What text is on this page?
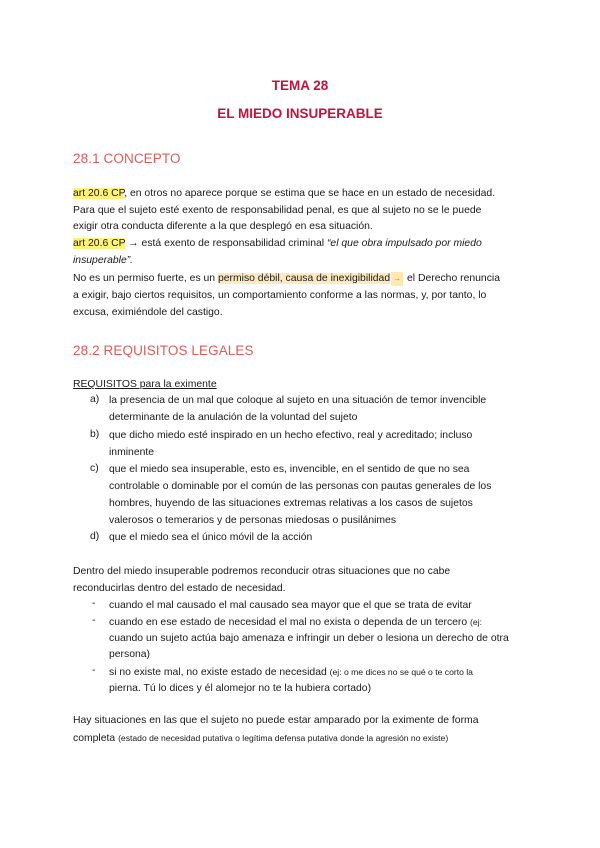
TEMA 28
EL MIEDO INSUPERABLE
28.1 CONCEPTO
art 20.6 CP, en otros no aparece porque se estima que se hace en un estado de necesidad.
Para que el sujeto esté exento de responsabilidad penal, es que al sujeto no se le puede
exigir otra conducta diferente a la que desplegó en esa situación.
art 20.6 CP → está exento de responsabilidad criminal “el que obra impulsado por miedo
insuperable”.
No es un permiso fuerte, es un permiso débil, causa de inexigibilidad → el Derecho renuncia
a exigir, bajo ciertos requisitos, un comportamiento conforme a las normas, y, por tanto, lo
excusa, eximiéndole del castigo.
28.2 REQUISITOS LEGALES
REQUISITOS para la eximente
a) la presencia de un mal que coloque al sujeto en una situación de temor invencible
determinante de la anulación de la voluntad del sujeto
b) que dicho miedo esté inspirado en un hecho efectivo, real y acreditado; incluso
inminente
c) que el miedo sea insuperable, esto es, invencible, en el sentido de que no sea
controlable o dominable por el común de las personas con pautas generales de los
hombres, huyendo de las situaciones extremas relativas a los casos de sujetos
valerosos o temerarios y de personas miedosas o pusilánimes
d) que el miedo sea el único móvil de la acción
Dentro del miedo insuperable podremos reconducir otras situaciones que no cabe
reconducirlas dentro del estado de necesidad.
- cuando el mal causado el mal causado sea mayor que el que se trata de evitar
- cuando en ese estado de necesidad el mal no exista o dependa de un tercero (ej:
cuando un sujeto actúa bajo amenaza e infringir un deber o lesiona un derecho de otra
persona)
- si no existe mal, no existe estado de necesidad (ej: o me dices no se qué o te corto la
pierna. Tú lo dices y él alomejor no te la hubiera cortado)
Hay situaciones en las que el sujeto no puede estar amparado por la eximente de forma
completa (estado de necesidad putativa o legítima defensa putativa donde la agresión no existe)
